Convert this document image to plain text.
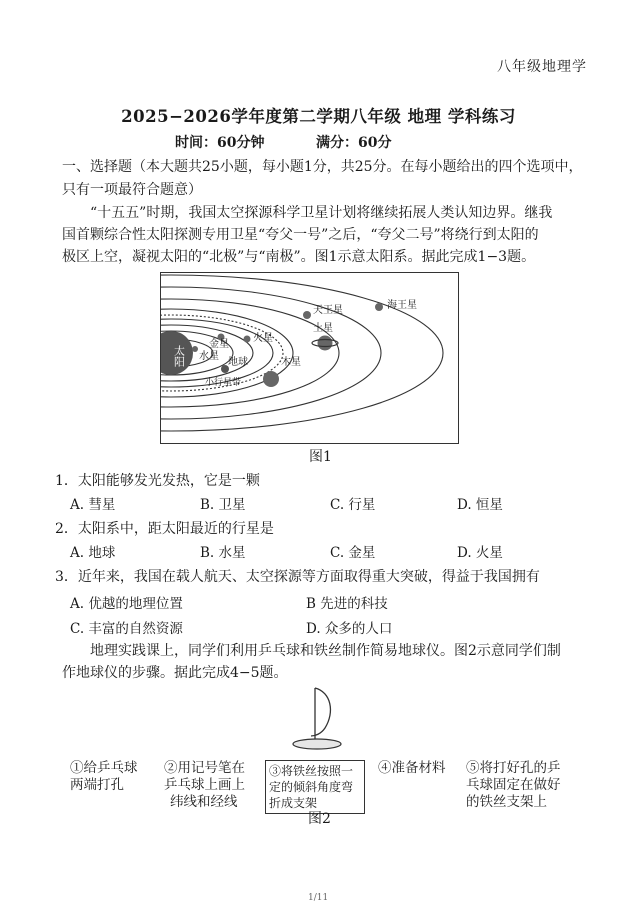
八年级地理学
2025−2026学年度第二学期八年级 地理 学科练习
时间：60分钟	满分：60分
一、选择题（本大题共25小题，每小题1分，共25分。在每小题给出的四个选项中，
只有一项最符合题意）
“十五五”时期，我国太空探源科学卫星计划将继续拓展人类认知边界。继我
国首颗综合性太阳探测专用卫星“夸父一号”之后，“夸父二号”将绕行到太阳的
极区上空，凝视太阳的“北极”与“南极”。图1示意太阳系。据此完成1−3题。
太阳 水星
金星
火星
地球	木星
小行星带
土星
天王星	海王星
图1
1．太阳能够发光发热，它是一颗
A. 彗星	B. 卫星	C. 行星	D. 恒星
2．太阳系中，距太阳最近的行星是
A. 地球	B. 水星	C. 金星	D. 火星
3．近年来，我国在载人航天、太空探源等方面取得重大突破，得益于我国拥有
A. 优越的地理位置	B 先进的科技
C. 丰富的自然资源	D. 众多的人口
地理实践课上，同学们利用乒乓球和铁丝制作简易地球仪。图2示意同学们制
作地球仪的步骤。据此完成4−5题。
①给乒乓球
两端打孔
②用记号笔在
乒乓球上画上
纬线和经线
③将铁丝按照一
定的倾斜角度弯
折成支架
④准备材料 ⑤将打好孔的乒
乓球固定在做好
的铁丝支架上
图2
1/11
